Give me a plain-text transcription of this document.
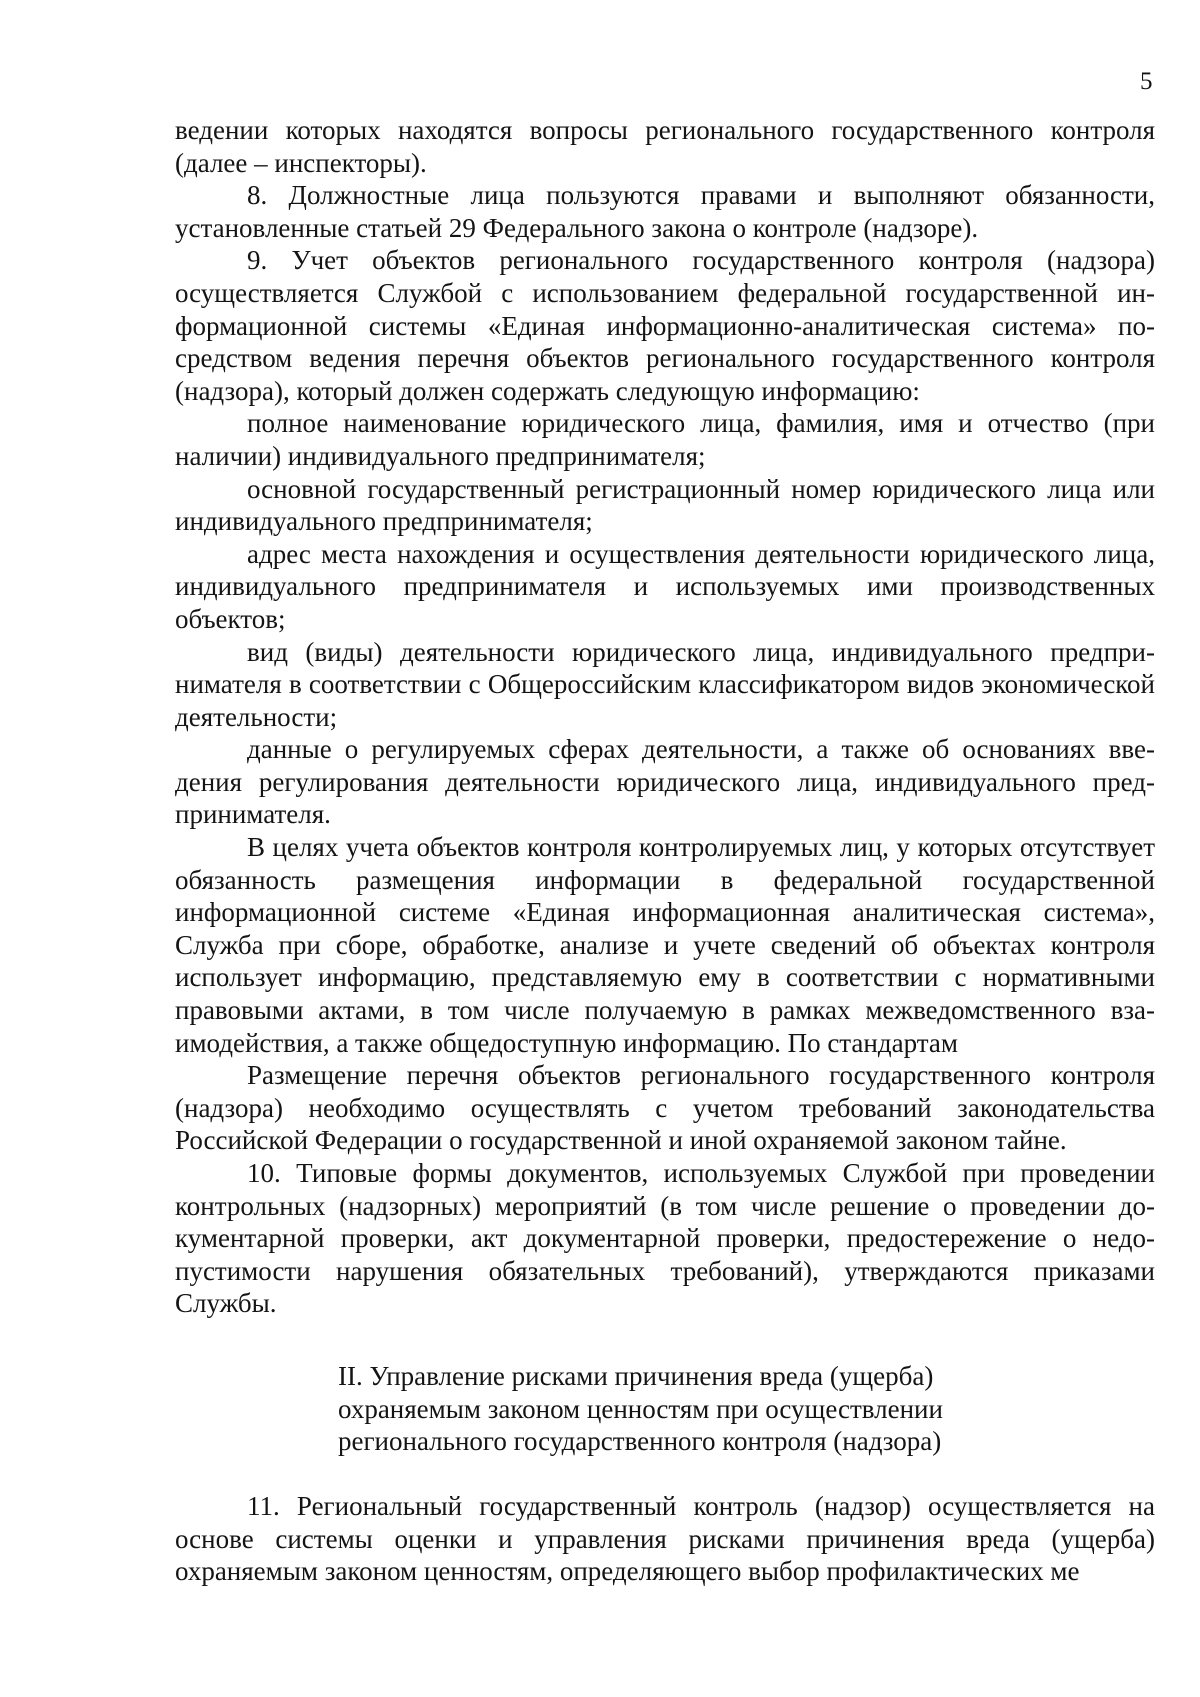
5

ведении которых находятся вопросы регионального государственного контроля (далее – инспекторы).

8. Должностные лица пользуются правами и выполняют обязанности, установленные статьей 29 Федерального закона о контроле (надзоре).

9. Учет объектов регионального государственного контроля (надзора) осуществляется Службой с использованием федеральной государственной информационной системы «Единая информационно-аналитическая система» посредством ведения перечня объектов регионального государственного контроля (надзора), который должен содержать следующую информацию:

полное наименование юридического лица, фамилия, имя и отчество (при наличии) индивидуального предпринимателя;

основной государственный регистрационный номер юридического лица или индивидуального предпринимателя;

адрес места нахождения и осуществления деятельности юридического лица, индивидуального предпринимателя и используемых ими производственных объектов;

вид (виды) деятельности юридического лица, индивидуального предпринимателя в соответствии с Общероссийским классификатором видов экономической деятельности;

данные о регулируемых сферах деятельности, а также об основаниях введения регулирования деятельности юридического лица, индивидуального предпринимателя.

В целях учета объектов контроля контролируемых лиц, у которых отсутствует обязанность размещения информации в федеральной государственной информационной системе «Единая информационная аналитическая система», Служба при сборе, обработке, анализе и учете сведений об объектах контроля использует информацию, представляемую ему в соответствии с нормативными правовыми актами, в том числе получаемую в рамках межведомственного взаимодействия, а также общедоступную информацию. По стандартам

Размещение перечня объектов регионального государственного контроля (надзора) необходимо осуществлять с учетом требований законодательства Российской Федерации о государственной и иной охраняемой законом тайне.

10. Типовые формы документов, используемых Службой при проведении контрольных (надзорных) мероприятий (в том числе решение о проведении документарной проверки, акт документарной проверки, предостережение о недопустимости нарушения обязательных требований), утверждаются приказами Службы.

II. Управление рисками причинения вреда (ущерба)
охраняемым законом ценностям при осуществлении
регионального государственного контроля (надзора)

11. Региональный государственный контроль (надзор) осуществляется на основе системы оценки и управления рисками причинения вреда (ущерба) охраняемым законом ценностям, определяющего выбор профилактических ме
